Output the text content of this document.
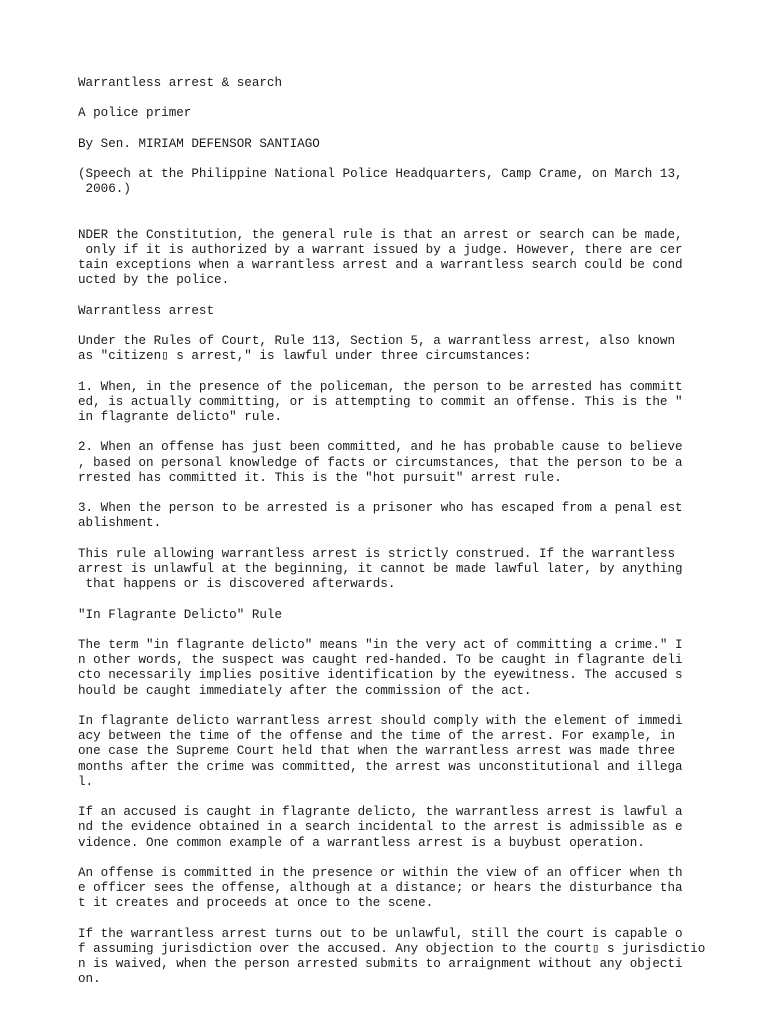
Warrantless arrest & search
A police primer
By Sen. MIRIAM DEFENSOR SANTIAGO
(Speech at the Philippine National Police Headquarters, Camp Crame, on March 13,
2006.)
NDER the Constitution, the general rule is that an arrest or search can be made,
only if it is authorized by a warrant issued by a judge. However, there are cer
tain exceptions when a warrantless arrest and a warrantless search could be cond
ucted by the police.
Warrantless arrest
Under the Rules of Court, Rule 113, Section 5, a warrantless arrest, also known
as "citizen▯ s arrest," is lawful under three circumstances:
1. When, in the presence of the policeman, the person to be arrested has committ
ed, is actually committing, or is attempting to commit an offense. This is the "
in flagrante delicto" rule.
2. When an offense has just been committed, and he has probable cause to believe
, based on personal knowledge of facts or circumstances, that the person to be a
rrested has committed it. This is the "hot pursuit" arrest rule.
3. When the person to be arrested is a prisoner who has escaped from a penal est
ablishment.
This rule allowing warrantless arrest is strictly construed. If the warrantless
arrest is unlawful at the beginning, it cannot be made lawful later, by anything
that happens or is discovered afterwards.
"In Flagrante Delicto" Rule
The term "in flagrante delicto" means "in the very act of committing a crime." I
n other words, the suspect was caught red-handed. To be caught in flagrante deli
cto necessarily implies positive identification by the eyewitness. The accused s
hould be caught immediately after the commission of the act.
In flagrante delicto warrantless arrest should comply with the element of immedi
acy between the time of the offense and the time of the arrest. For example, in
one case the Supreme Court held that when the warrantless arrest was made three
months after the crime was committed, the arrest was unconstitutional and illega
l.
If an accused is caught in flagrante delicto, the warrantless arrest is lawful a
nd the evidence obtained in a search incidental to the arrest is admissible as e
vidence. One common example of a warrantless arrest is a buybust operation.
An offense is committed in the presence or within the view of an officer when th
e officer sees the offense, although at a distance; or hears the disturbance tha
t it creates and proceeds at once to the scene.
If the warrantless arrest turns out to be unlawful, still the court is capable o
f assuming jurisdiction over the accused. Any objection to the court▯ s jurisdictio
n is waived, when the person arrested submits to arraignment without any objecti
on.
